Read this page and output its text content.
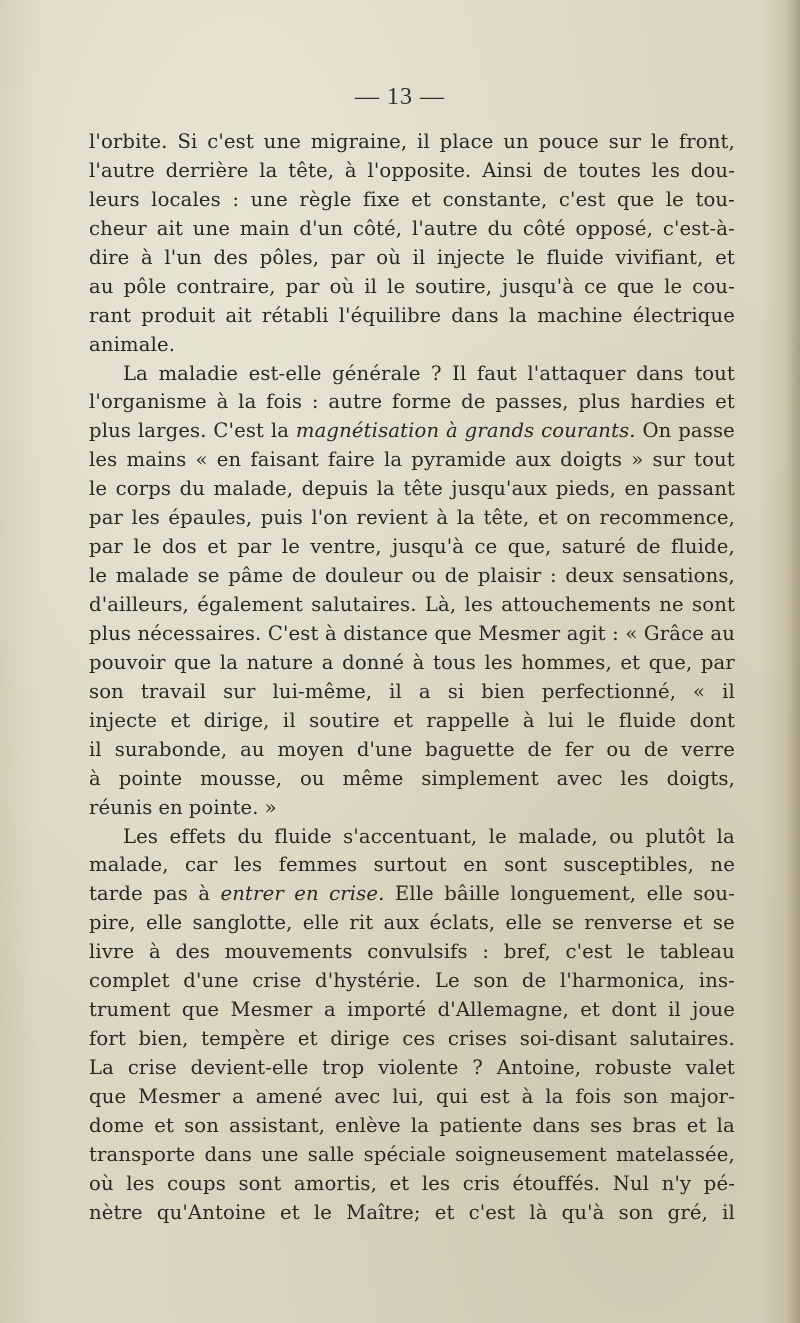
— 13 —
l'orbite. Si c'est une migraine, il place un pouce sur le front,
l'autre derrière la tête, à l'opposite. Ainsi de toutes les dou-
leurs locales : une règle fixe et constante, c'est que le tou-
cheur ait une main d'un côté, l'autre du côté opposé, c'est-à-
dire à l'un des pôles, par où il injecte le fluide vivifiant, et
au pôle contraire, par où il le soutire, jusqu'à ce que le cou-
rant produit ait rétabli l'équilibre dans la machine électrique
animale.
La maladie est-elle générale ? Il faut l'attaquer dans tout
l'organisme à la fois : autre forme de passes, plus hardies et
plus larges. C'est la magnétisation à grands courants. On passe
les mains « en faisant faire la pyramide aux doigts » sur tout
le corps du malade, depuis la tête jusqu'aux pieds, en passant
par les épaules, puis l'on revient à la tête, et on recommence,
par le dos et par le ventre, jusqu'à ce que, saturé de fluide,
le malade se pâme de douleur ou de plaisir : deux sensations,
d'ailleurs, également salutaires. Là, les attouchements ne sont
plus nécessaires. C'est à distance que Mesmer agit : « Grâce au
pouvoir que la nature a donné à tous les hommes, et que, par
son travail sur lui-même, il a si bien perfectionné, « il
injecte et dirige, il soutire et rappelle à lui le fluide dont
il surabonde, au moyen d'une baguette de fer ou de verre
à pointe mousse, ou même simplement avec les doigts,
réunis en pointe. »
Les effets du fluide s'accentuant, le malade, ou plutôt la
malade, car les femmes surtout en sont susceptibles, ne
tarde pas à entrer en crise. Elle bâille longuement, elle sou-
pire, elle sanglotte, elle rit aux éclats, elle se renverse et se
livre à des mouvements convulsifs : bref, c'est le tableau
complet d'une crise d'hystérie. Le son de l'harmonica, ins-
trument que Mesmer a importé d'Allemagne, et dont il joue
fort bien, tempère et dirige ces crises soi-disant salutaires.
La crise devient-elle trop violente ? Antoine, robuste valet
que Mesmer a amené avec lui, qui est à la fois son major-
dome et son assistant, enlève la patiente dans ses bras et la
transporte dans une salle spéciale soigneusement matelassée,
où les coups sont amortis, et les cris étouffés. Nul n'y pé-
nètre qu'Antoine et le Maître; et c'est là qu'à son gré, il
